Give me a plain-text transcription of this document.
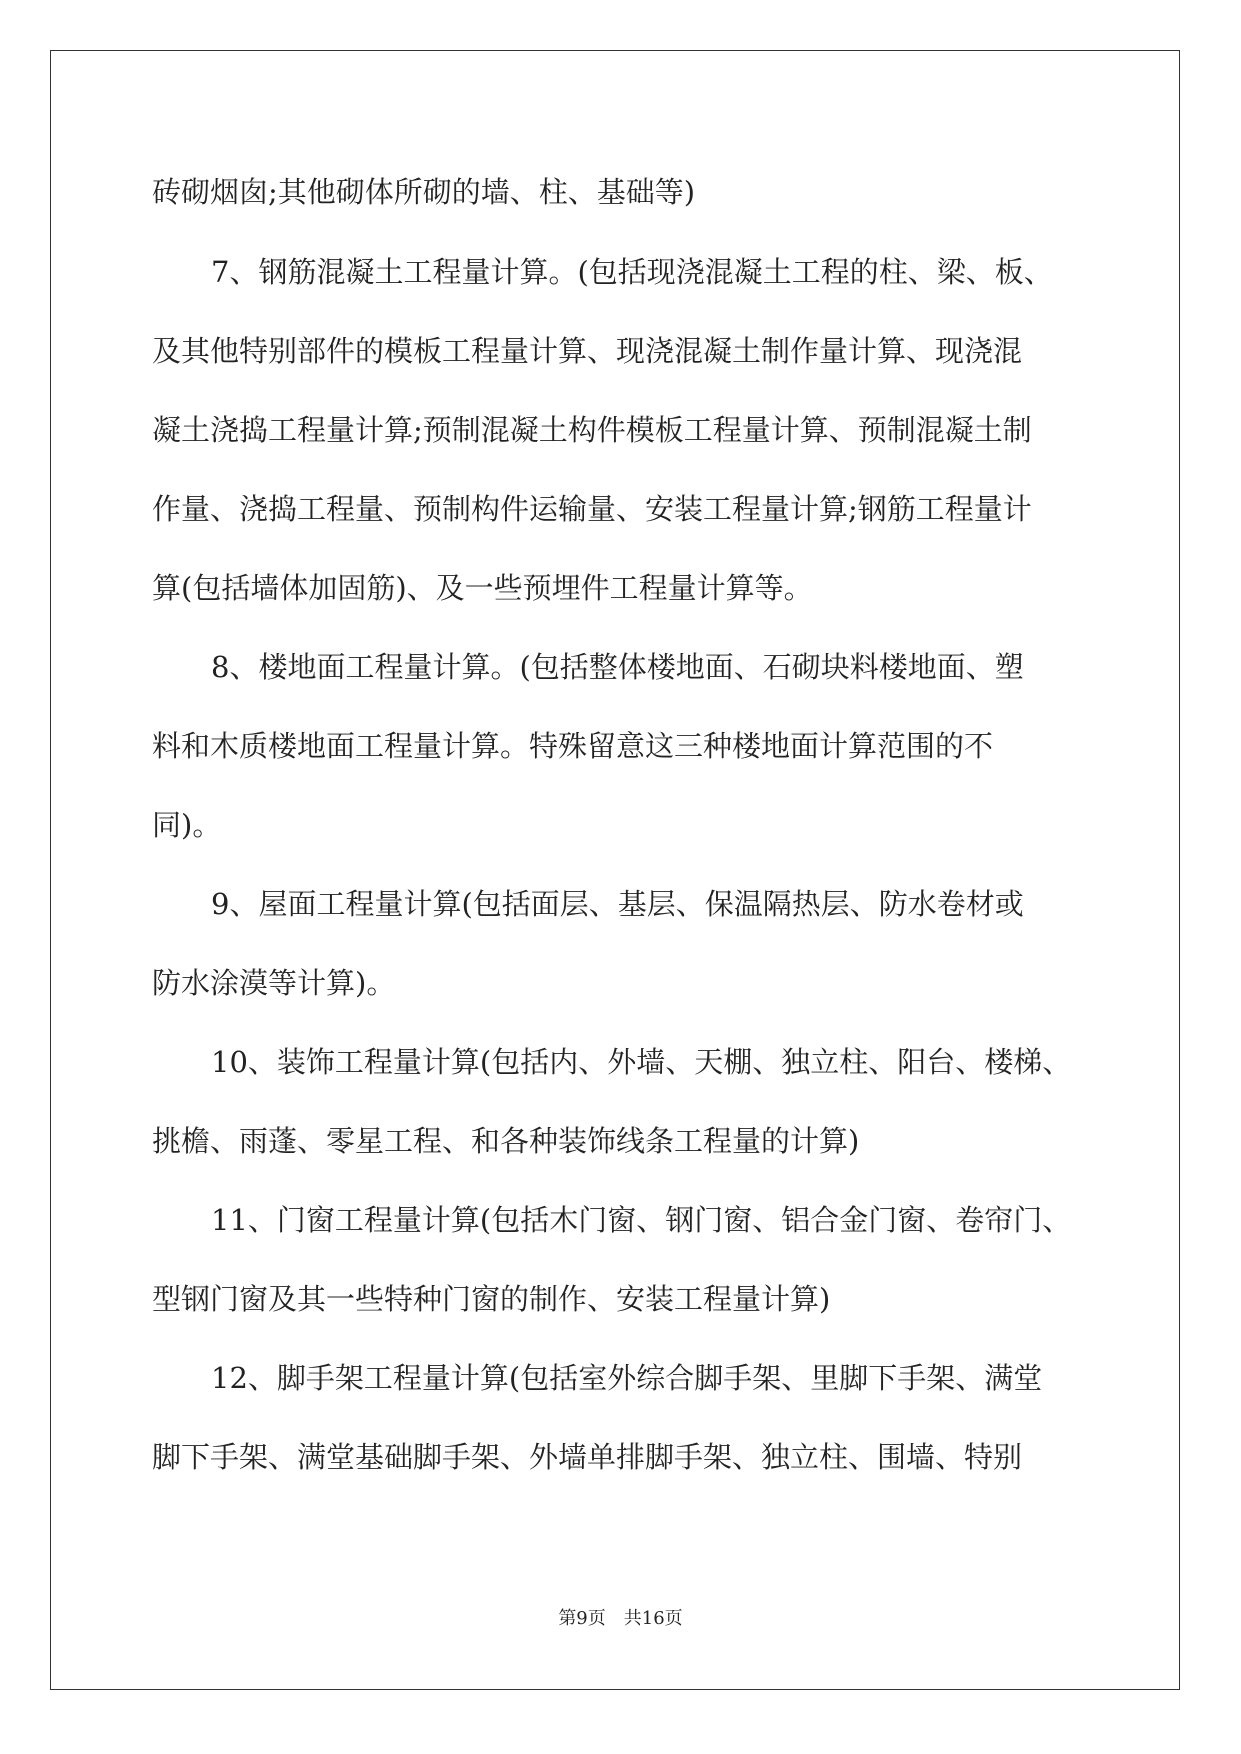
砖砌烟囱;其他砌体所砌的墙、柱、基础等)
7、钢筋混凝土工程量计算。(包括现浇混凝土工程的柱、梁、板、
及其他特别部件的模板工程量计算、现浇混凝土制作量计算、现浇混
凝土浇捣工程量计算;预制混凝土构件模板工程量计算、预制混凝土制
作量、浇捣工程量、预制构件运输量、安装工程量计算;钢筋工程量计
算(包括墙体加固筋)、及一些预埋件工程量计算等。
8、楼地面工程量计算。(包括整体楼地面、石砌块料楼地面、塑
料和木质楼地面工程量计算。特殊留意这三种楼地面计算范围的不
同)。
9、屋面工程量计算(包括面层、基层、保温隔热层、防水卷材或
防水涂漠等计算)。
10、装饰工程量计算(包括内、外墙、天棚、独立柱、阳台、楼梯、
挑檐、雨蓬、零星工程、和各种装饰线条工程量的计算)
11、门窗工程量计算(包括木门窗、钢门窗、铝合金门窗、卷帘门、
型钢门窗及其一些特种门窗的制作、安装工程量计算)
12、脚手架工程量计算(包括室外综合脚手架、里脚下手架、满堂
脚下手架、满堂基础脚手架、外墙单排脚手架、独立柱、围墙、特别
第9页　共16页
